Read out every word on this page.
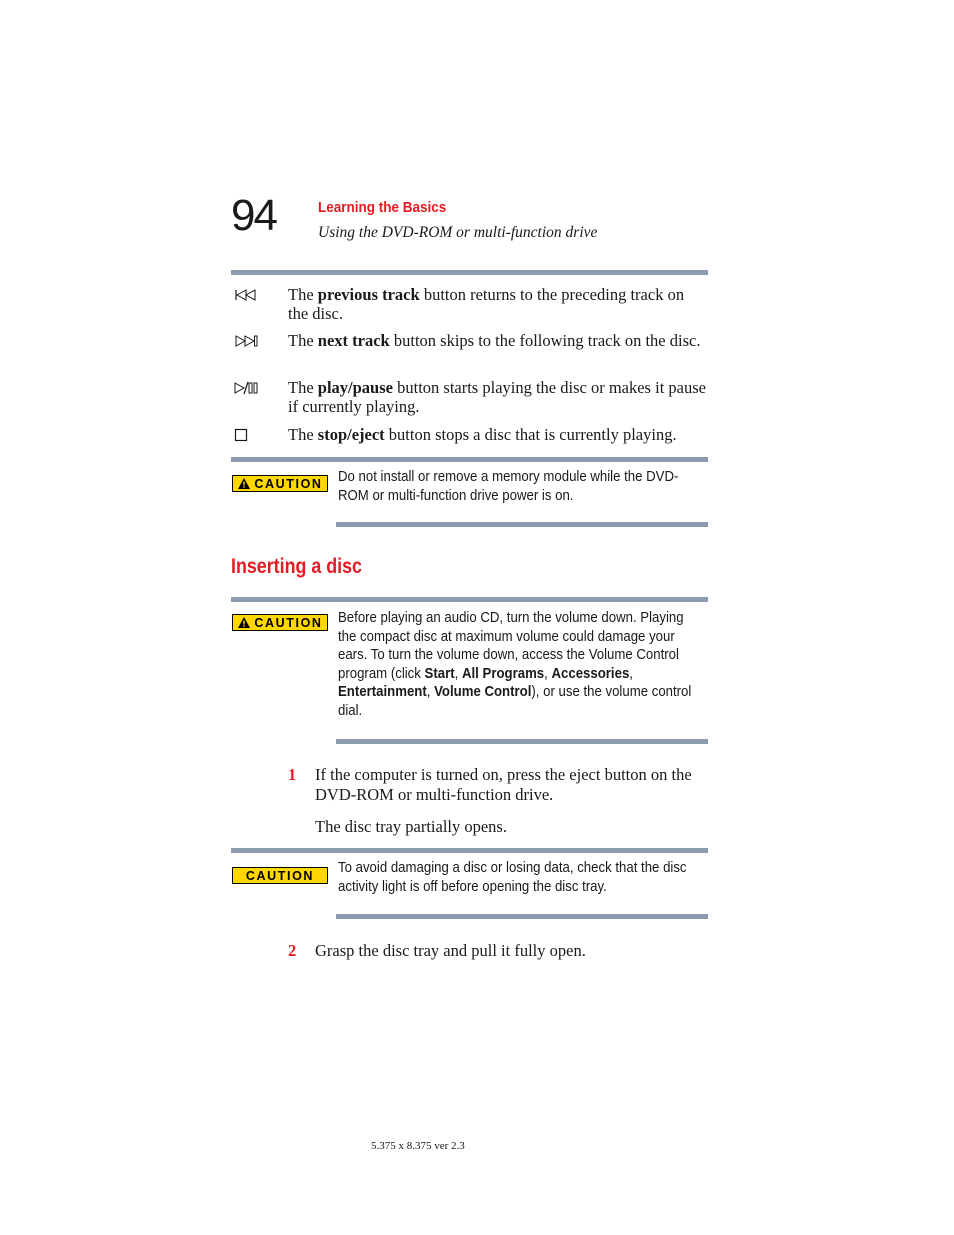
94	Learning the Basics
Using the DVD-ROM or multi-function drive
The previous track button returns to the preceding track on the disc.
The next track button skips to the following track on the disc.
The play/pause button starts playing the disc or makes it pause if currently playing.
The stop/eject button stops a disc that is currently playing.
CAUTION Do not install or remove a memory module while the DVD-ROM or multi-function drive power is on.
Inserting a disc
CAUTION Before playing an audio CD, turn the volume down. Playing the compact disc at maximum volume could damage your ears. To turn the volume down, access the Volume Control program (click Start, All Programs, Accessories, Entertainment, Volume Control), or use the volume control dial.
1 If the computer is turned on, press the eject button on the DVD-ROM or multi-function drive.
The disc tray partially opens.
CAUTION To avoid damaging a disc or losing data, check that the disc activity light is off before opening the disc tray.
2 Grasp the disc tray and pull it fully open.
5.375 x 8.375 ver 2.3
